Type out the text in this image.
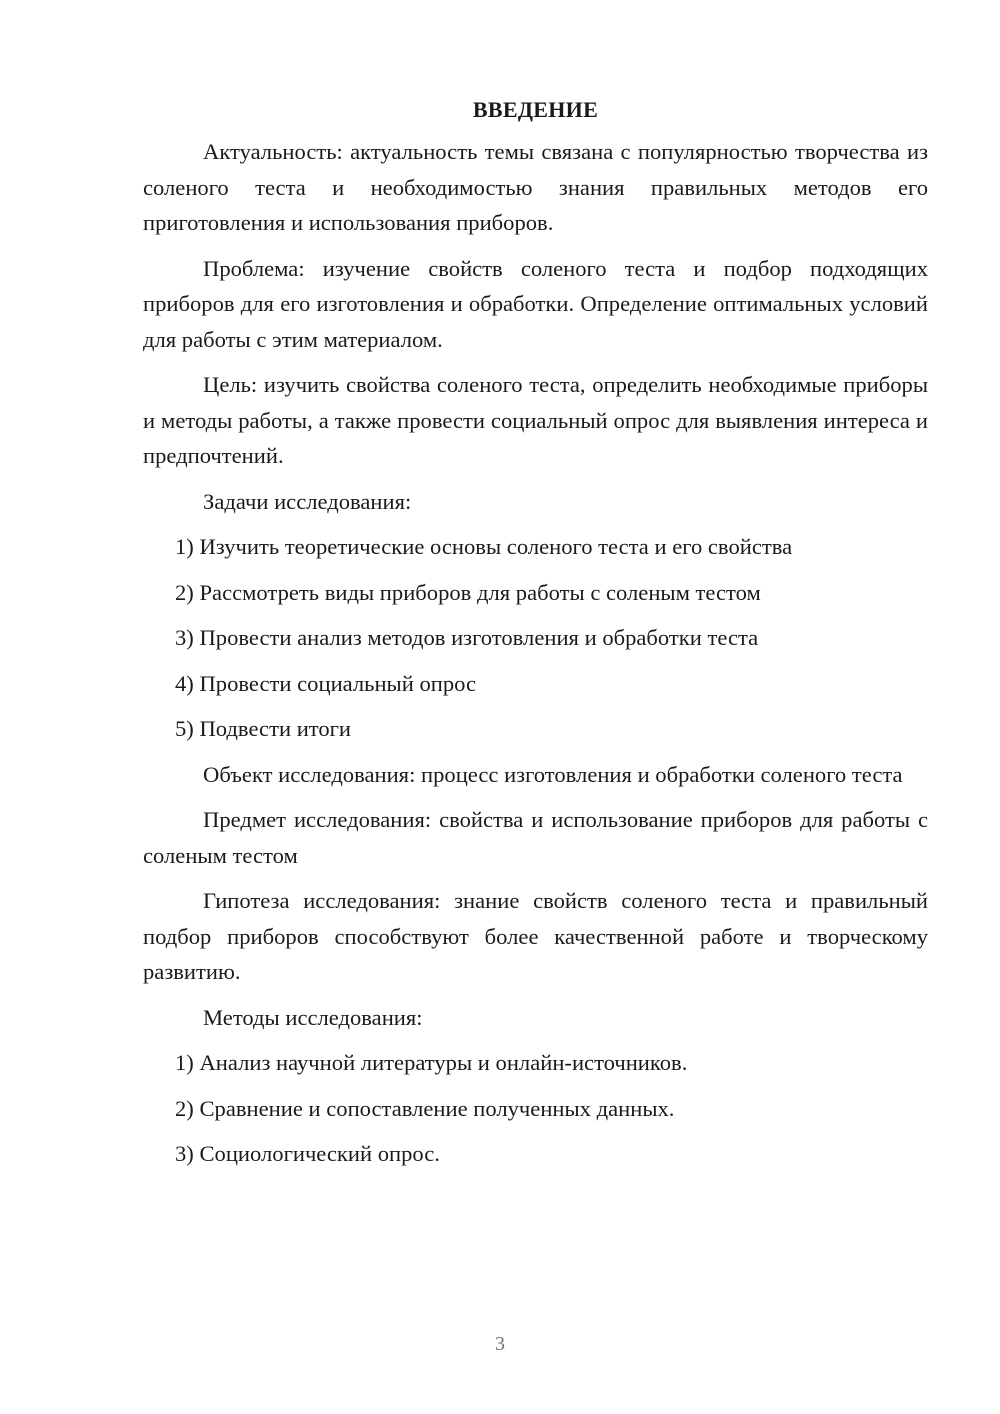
ВВЕДЕНИЕ

Актуальность: актуальность темы связана с популярностью творчества из соленого теста и необходимостью знания правильных методов его приготовления и использования приборов.

Проблема: изучение свойств соленого теста и подбор подходящих приборов для его изготовления и обработки. Определение оптимальных условий для работы с этим материалом.

Цель: изучить свойства соленого теста, определить необходимые приборы и методы работы, а также провести социальный опрос для выявления интереса и предпочтений.

Задачи исследования:

1) Изучить теоретические основы соленого теста и его свойства
2) Рассмотреть виды приборов для работы с соленым тестом
3) Провести анализ методов изготовления и обработки теста
4) Провести социальный опрос
5) Подвести итоги

Объект исследования: процесс изготовления и обработки соленого теста

Предмет исследования: свойства и использование приборов для работы с соленым тестом

Гипотеза исследования: знание свойств соленого теста и правильный подбор приборов способствуют более качественной работе и творческому развитию.

Методы исследования:

1) Анализ научной литературы и онлайн-источников.
2) Сравнение и сопоставление полученных данных.
3) Социологический опрос.
3
